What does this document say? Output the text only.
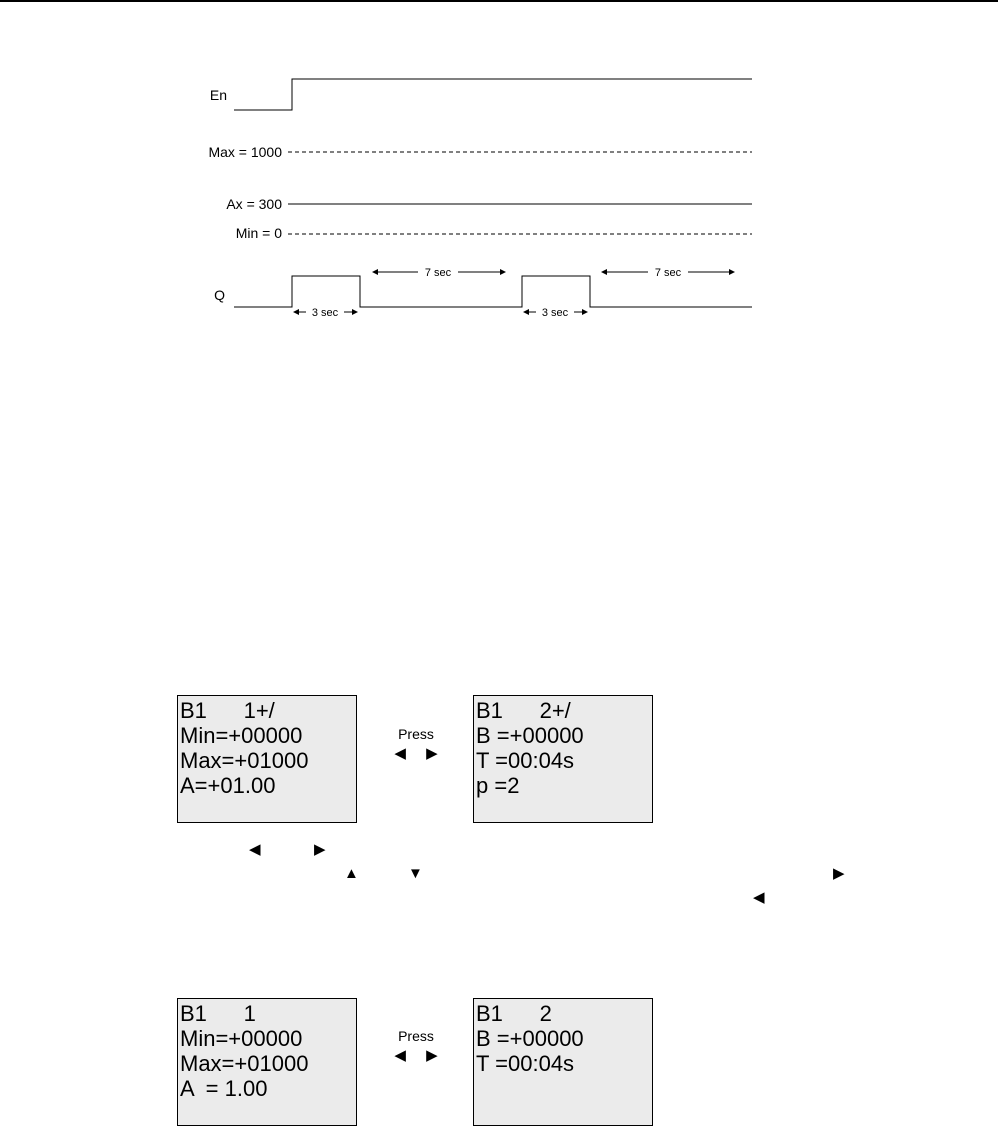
En
Max = 1000
Ax = 300
Min = 0
Q
3 sec
7 sec
3 sec
7 sec
B1      1+/
Min=+00000
Max=+01000
A=+01.00
Press
◀ ▶
B1      2+/
B =+00000
T =00:04s
p =2
◀	▶
▲	▼	▶
◀
B1      1
Min=+00000
Max=+01000
A  = 1.00
Press
◀ ▶
B1      2
B =+00000
T =00:04s
